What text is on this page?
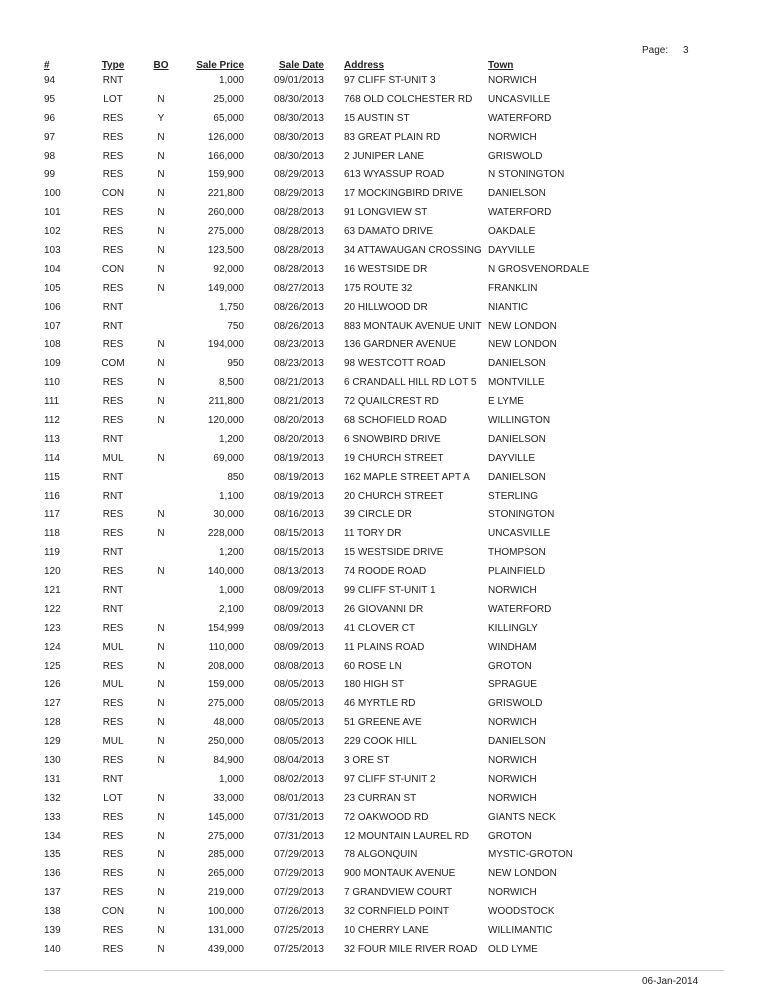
Page: 3
#	Type	BO	Sale Price	Sale Date		Address	Town
94	RNT		1,000	09/01/2013		97 CLIFF ST-UNIT 3	NORWICH
95	LOT	N	25,000	08/30/2013		768 OLD COLCHESTER RD	UNCASVILLE
96	RES	Y	65,000	08/30/2013		15 AUSTIN ST	WATERFORD
97	RES	N	126,000	08/30/2013		83 GREAT PLAIN RD	NORWICH
98	RES	N	166,000	08/30/2013		2 JUNIPER LANE	GRISWOLD
99	RES	N	159,900	08/29/2013		613 WYASSUP ROAD	N STONINGTON
100	CON	N	221,800	08/29/2013		17 MOCKINGBIRD DRIVE	DANIELSON
101	RES	N	260,000	08/28/2013		91 LONGVIEW ST	WATERFORD
102	RES	N	275,000	08/28/2013		63 DAMATO DRIVE	OAKDALE
103	RES	N	123,500	08/28/2013		34 ATTAWAUGAN CROSSING	DAYVILLE
104	CON	N	92,000	08/28/2013		16 WESTSIDE DR	N GROSVENORDALE
105	RES	N	149,000	08/27/2013		175 ROUTE 32	FRANKLIN
106	RNT		1,750	08/26/2013		20 HILLWOOD DR	NIANTIC
107	RNT		750	08/26/2013		883 MONTAUK AVENUE UNIT	NEW LONDON
108	RES	N	194,000	08/23/2013		136 GARDNER AVENUE	NEW LONDON
109	COM	N	950	08/23/2013		98 WESTCOTT ROAD	DANIELSON
110	RES	N	8,500	08/21/2013		6 CRANDALL HILL RD LOT 5	MONTVILLE
111	RES	N	211,800	08/21/2013		72 QUAILCREST RD	E LYME
112	RES	N	120,000	08/20/2013		68 SCHOFIELD ROAD	WILLINGTON
113	RNT		1,200	08/20/2013		6 SNOWBIRD DRIVE	DANIELSON
114	MUL	N	69,000	08/19/2013		19 CHURCH STREET	DAYVILLE
115	RNT		850	08/19/2013		162 MAPLE STREET APT A	DANIELSON
116	RNT		1,100	08/19/2013		20 CHURCH STREET	STERLING
117	RES	N	30,000	08/16/2013		39 CIRCLE DR	STONINGTON
118	RES	N	228,000	08/15/2013		11 TORY DR	UNCASVILLE
119	RNT		1,200	08/15/2013		15 WESTSIDE DRIVE	THOMPSON
120	RES	N	140,000	08/13/2013		74 ROODE ROAD	PLAINFIELD
121	RNT		1,000	08/09/2013		99 CLIFF ST-UNIT 1	NORWICH
122	RNT		2,100	08/09/2013		26 GIOVANNI DR	WATERFORD
123	RES	N	154,999	08/09/2013		41 CLOVER CT	KILLINGLY
124	MUL	N	110,000	08/09/2013		11 PLAINS ROAD	WINDHAM
125	RES	N	208,000	08/08/2013		60 ROSE LN	GROTON
126	MUL	N	159,000	08/05/2013		180 HIGH ST	SPRAGUE
127	RES	N	275,000	08/05/2013		46 MYRTLE RD	GRISWOLD
128	RES	N	48,000	08/05/2013		51 GREENE AVE	NORWICH
129	MUL	N	250,000	08/05/2013		229 COOK HILL	DANIELSON
130	RES	N	84,900	08/04/2013		3 ORE ST	NORWICH
131	RNT		1,000	08/02/2013		97 CLIFF ST-UNIT 2	NORWICH
132	LOT	N	33,000	08/01/2013		23 CURRAN ST	NORWICH
133	RES	N	145,000	07/31/2013		72 OAKWOOD RD	GIANTS NECK
134	RES	N	275,000	07/31/2013		12 MOUNTAIN LAUREL RD	GROTON
135	RES	N	285,000	07/29/2013		78 ALGONQUIN	MYSTIC-GROTON
136	RES	N	265,000	07/29/2013		900 MONTAUK AVENUE	NEW LONDON
137	RES	N	219,000	07/29/2013		7 GRANDVIEW COURT	NORWICH
138	CON	N	100,000	07/26/2013		32 CORNFIELD POINT	WOODSTOCK
139	RES	N	131,000	07/25/2013		10 CHERRY LANE	WILLIMANTIC
140	RES	N	439,000	07/25/2013		32 FOUR MILE RIVER ROAD	OLD LYME
06-Jan-2014
